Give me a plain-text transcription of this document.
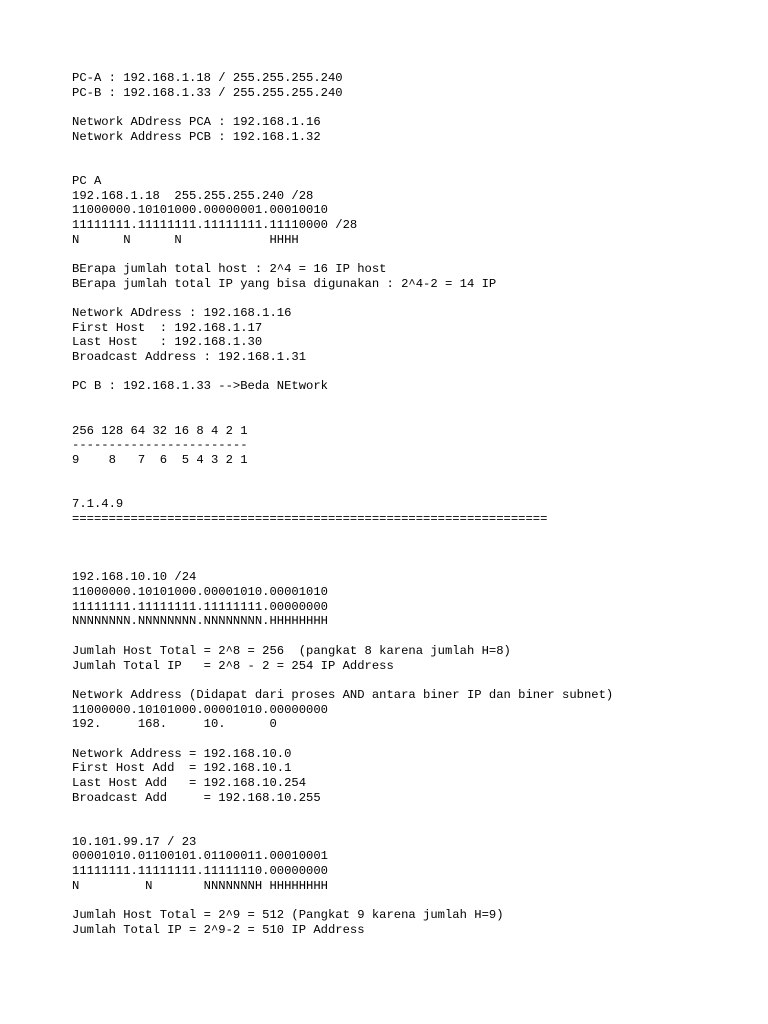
PC-A : 192.168.1.18 / 255.255.255.240
PC-B : 192.168.1.33 / 255.255.255.240
Network ADdress PCA : 192.168.1.16
Network Address PCB : 192.168.1.32
PC A
192.168.1.18  255.255.255.240 /28
11000000.10101000.00000001.00010010
11111111.11111111.11111111.11110000 /28
N      N      N            HHHH
BErapa jumlah total host : 2^4 = 16 IP host
BErapa jumlah total IP yang bisa digunakan : 2^4-2 = 14 IP
Network ADdress : 192.168.1.16
First Host  : 192.168.1.17
Last Host   : 192.168.1.30
Broadcast Address : 192.168.1.31
PC B : 192.168.1.33 -->Beda NEtwork
256 128 64 32 16 8 4 2 1
------------------------
9    8   7  6  5 4 3 2 1
7.1.4.9
=================================================================
192.168.10.10 /24
11000000.10101000.00001010.00001010
11111111.11111111.11111111.00000000
NNNNNNNN.NNNNNNNN.NNNNNNNN.HHHHHHHH
Jumlah Host Total = 2^8 = 256  (pangkat 8 karena jumlah H=8)
Jumlah Total IP   = 2^8 - 2 = 254 IP Address
Network Address (Didapat dari proses AND antara biner IP dan biner subnet)
11000000.10101000.00001010.00000000
192.     168.     10.      0
Network Address = 192.168.10.0
First Host Add  = 192.168.10.1
Last Host Add   = 192.168.10.254
Broadcast Add     = 192.168.10.255
10.101.99.17 / 23
00001010.01100101.01100011.00010001
11111111.11111111.11111110.00000000
N         N       NNNNNNNH HHHHHHHH
Jumlah Host Total = 2^9 = 512 (Pangkat 9 karena jumlah H=9)
Jumlah Total IP = 2^9-2 = 510 IP Address
